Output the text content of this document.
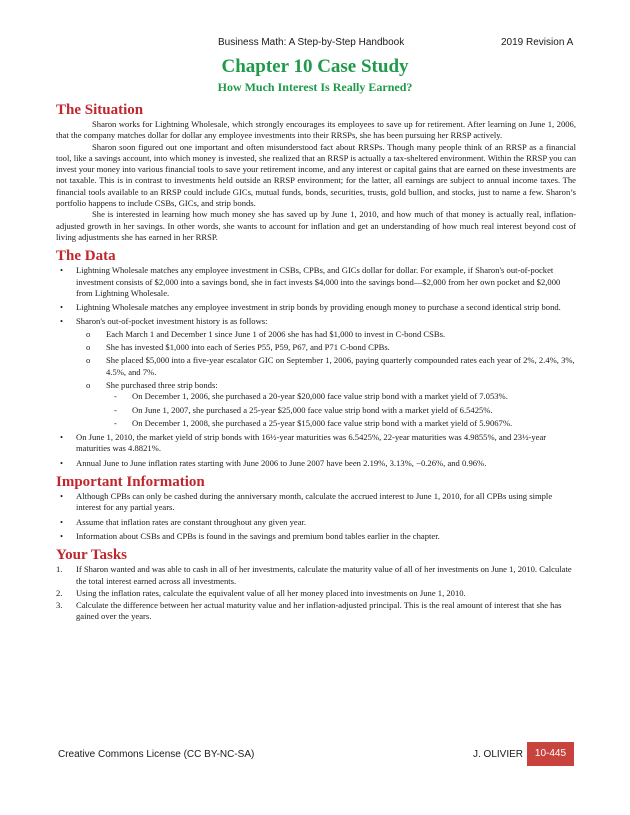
Business Math: A Step-by-Step Handbook	2019 Revision A
Chapter 10 Case Study
How Much Interest Is Really Earned?
The Situation

Sharon works for Lightning Wholesale, which strongly encourages its employees to save up for retirement. After learning on June 1, 2006, that the company matches dollar for dollar any employee investments into their RRSPs, she has been pursuing her RRSP actively.

Sharon soon figured out one important and often misunderstood fact about RRSPs. Though many people think of an RRSP as a financial tool, like a savings account, into which money is invested, she realized that an RRSP is actually a tax-sheltered environment. Within the RRSP you can invest your money into various financial tools to save your retirement income, and any interest or capital gains that are earned on these investments are not taxable. This is in contrast to investments held outside an RRSP environment; for the latter, all earnings are subject to annual income taxes. The financial tools available to an RRSP could include GICs, mutual funds, bonds, securities, trusts, gold bullion, and stocks, just to name a few. Sharon’s portfolio happens to include CSBs, GICs, and strip bonds.

She is interested in learning how much money she has saved up by June 1, 2010, and how much of that money is actually real, inflation-adjusted growth in her savings. In other words, she wants to account for inflation and get an understanding of how much real interest beyond cost of living adjustments she has earned in her RRSP.

The Data
• Lightning Wholesale matches any employee investment in CSBs, CPBs, and GICs dollar for dollar. For example, if Sharon's out-of-pocket investment consists of $2,000 into a savings bond, she in fact invests $4,000 into the savings bond—$2,000 from her own pocket and $2,000 from Lightning Wholesale.
• Lightning Wholesale matches any employee investment in strip bonds by providing enough money to purchase a second identical strip bond.
• Sharon's out-of-pocket investment history is as follows:
o Each March 1 and December 1 since June 1 of 2006 she has had $1,000 to invest in C-bond CSBs.
o She has invested $1,000 into each of Series P55, P59, P67, and P71 C-bond CPBs.
o She placed $5,000 into a five-year escalator GIC on September 1, 2006, paying quarterly compounded rates each year of 2%, 2.4%, 3%, 4.5%, and 7%.
o She purchased three strip bonds:
- On December 1, 2006, she purchased a 20-year $20,000 face value strip bond with a market yield of 7.053%.
- On June 1, 2007, she purchased a 25-year $25,000 face value strip bond with a market yield of 6.5425%.
- On December 1, 2008, she purchased a 25-year $15,000 face value strip bond with a market yield of 5.9067%.
• On June 1, 2010, the market yield of strip bonds with 16½-year maturities was 6.5425%, 22-year maturities was 4.9855%, and 23½-year maturities was 4.8821%.
• Annual June to June inflation rates starting with June 2006 to June 2007 have been 2.19%, 3.13%, −0.26%, and 0.96%.
Important Information
• Although CPBs can only be cashed during the anniversary month, calculate the accrued interest to June 1, 2010, for all CPBs using simple interest for any partial years.
• Assume that inflation rates are constant throughout any given year.
• Information about CSBs and CPBs is found in the savings and premium bond tables earlier in the chapter.
Your Tasks
1. If Sharon wanted and was able to cash in all of her investments, calculate the maturity value of all of her investments on June 1, 2010. Calculate the total interest earned across all investments.
2. Using the inflation rates, calculate the equivalent value of all her money placed into investments on June 1, 2010.
3. Calculate the difference between her actual maturity value and her inflation-adjusted principal. This is the real amount of interest that she has gained over the years.
Creative Commons License (CC BY-NC-SA)	J. OLIVIER	10-445
